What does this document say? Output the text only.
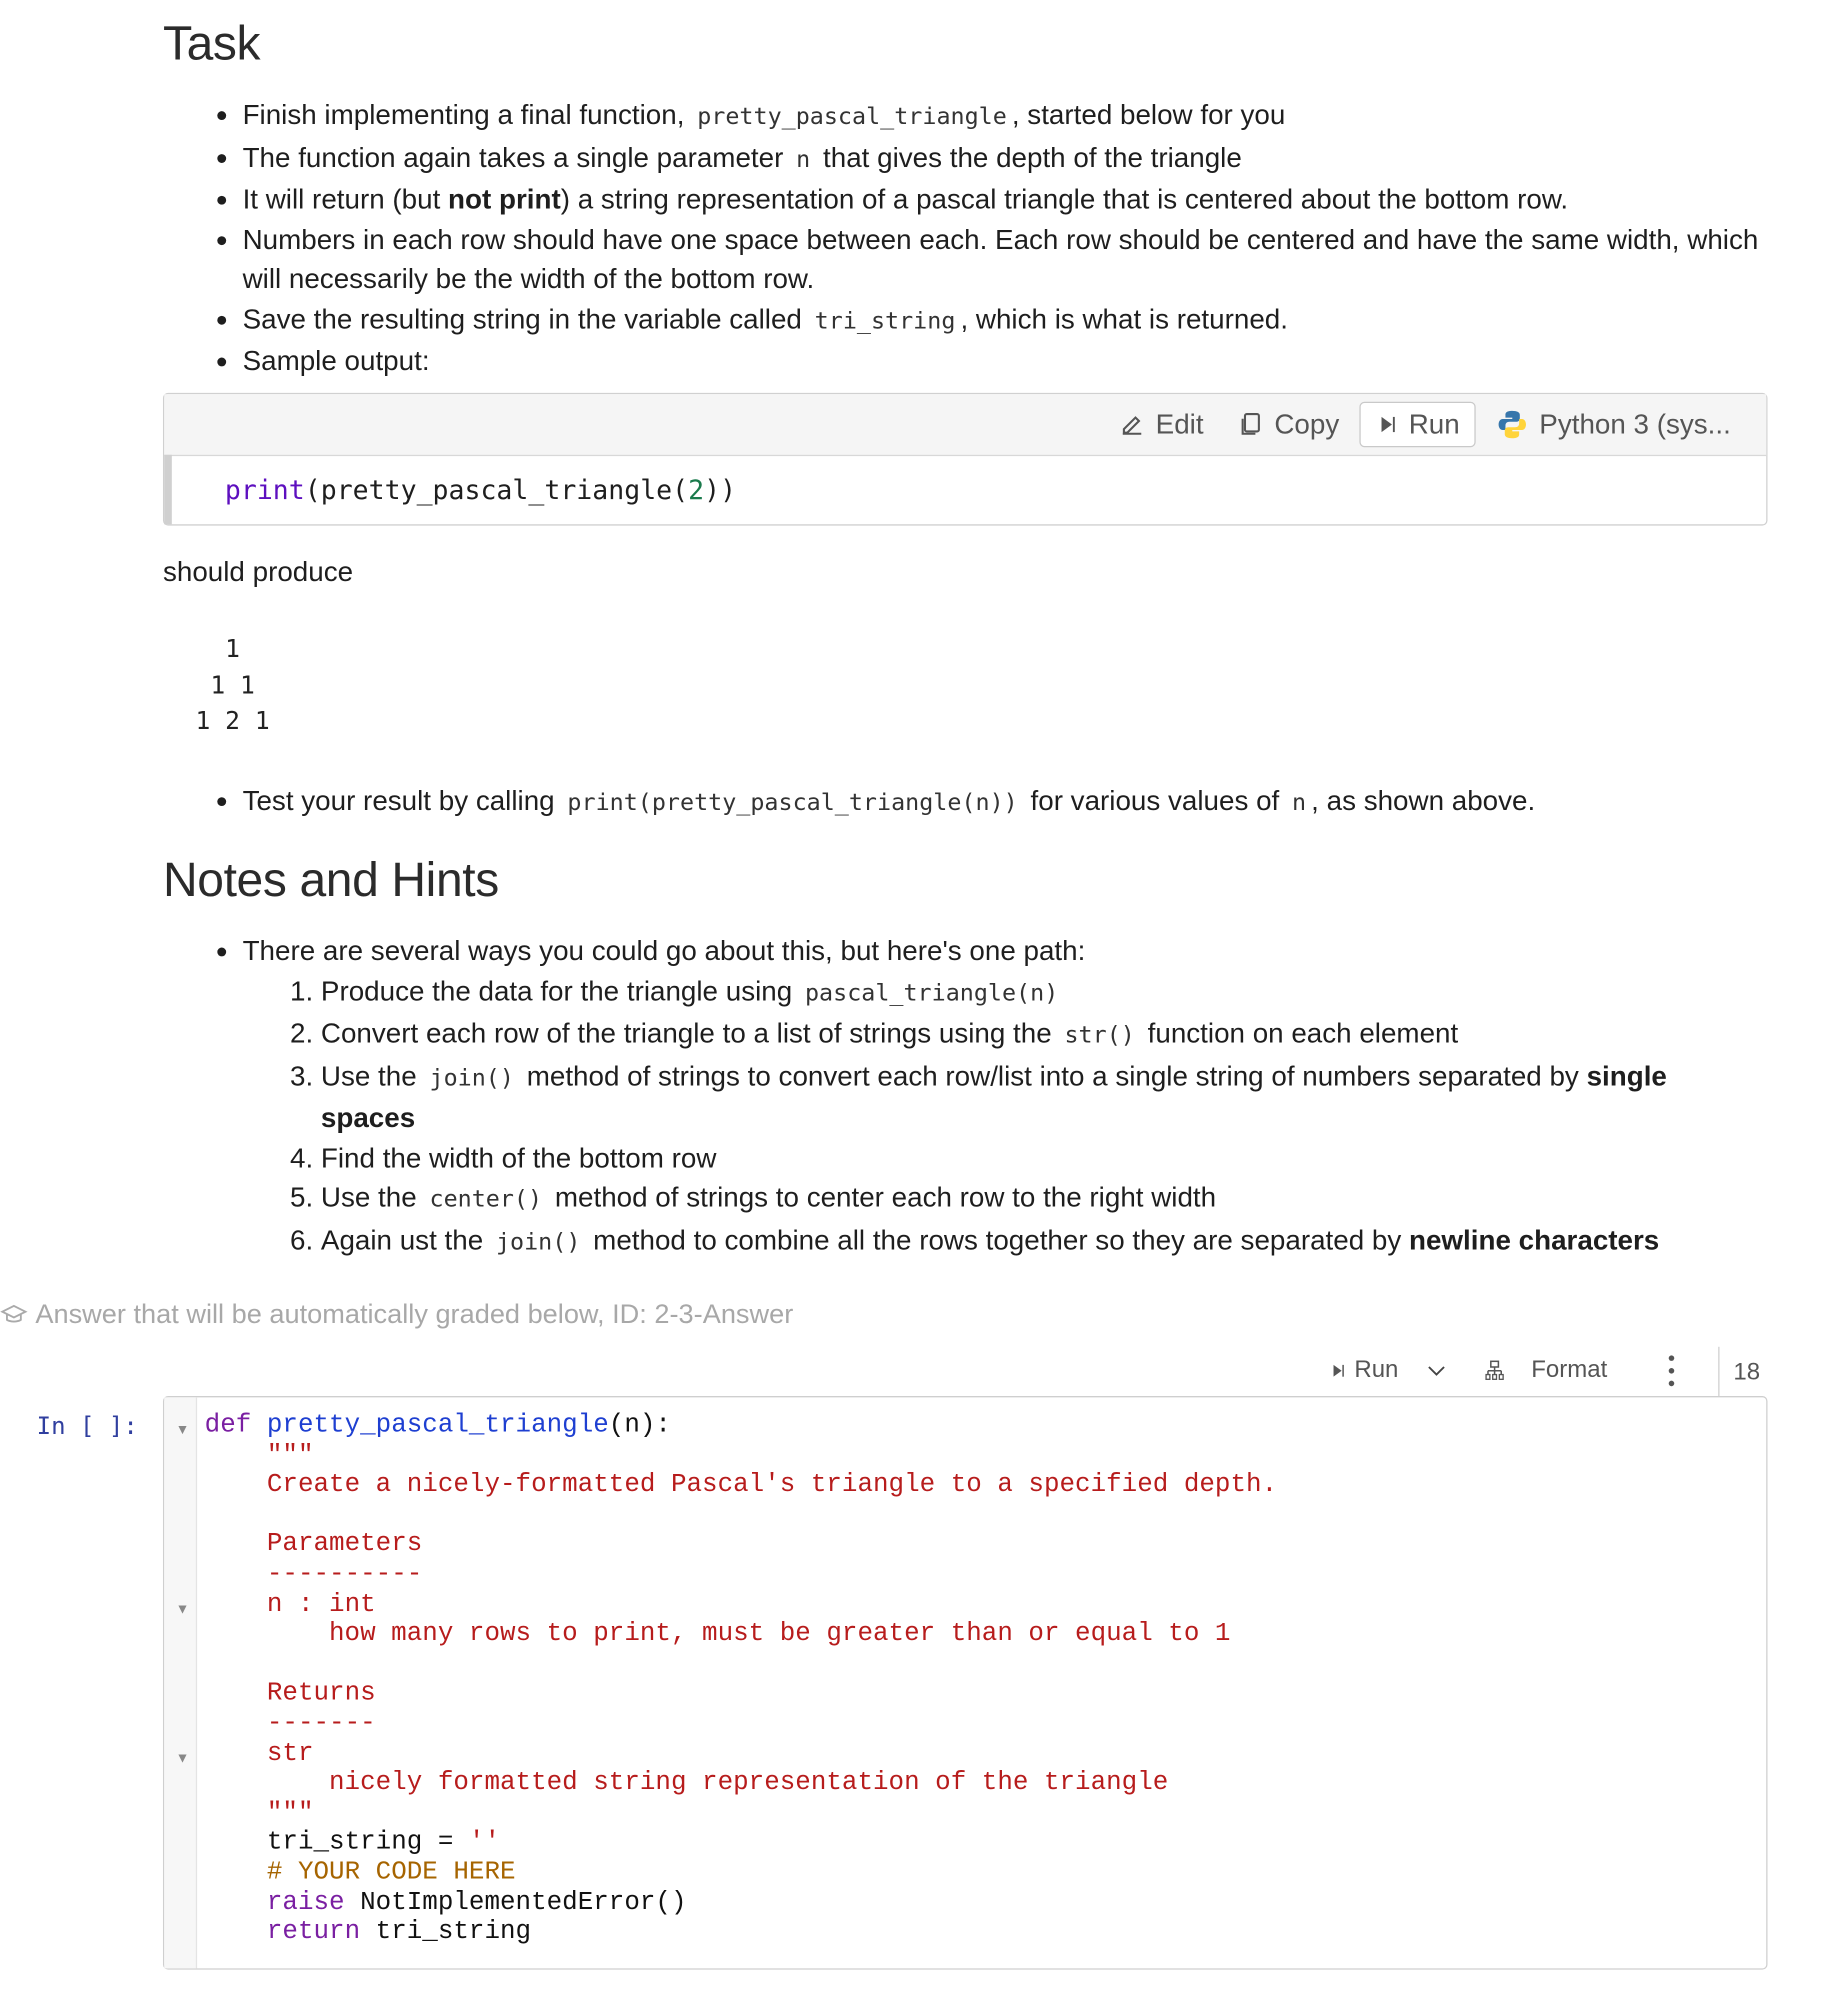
Task
• Finish implementing a final function, pretty_pascal_triangle , started below for you
• The function again takes a single parameter n that gives the depth of the triangle
• It will return (but not print) a string representation of a pascal triangle that is centered about the bottom row.
• Numbers in each row should have one space between each. Each row should be centered and have the same width, which will necessarily be the width of the bottom row.
• Save the resulting string in the variable called tri_string , which is what is returned.
• Sample output:
Edit	Copy	Run	Python 3 (sys...
print (pretty_pascal_triangle( 2 ))
should produce
1
1 1
1 2 1
• Test your result by calling print(pretty_pascal_triangle(n)) for various values of n , as shown above.
Notes and Hints
• There are several ways you could go about this, but here's one path:
1. Produce the data for the triangle using pascal_triangle(n)
2. Convert each row of the triangle to a list of strings using the str() function on each element
3. Use the join() method of strings to convert each row/list into a single string of numbers separated by single spaces
4. Find the width of the bottom row
5. Use the center() method of strings to center each row to the right width
6. Again ust the join() method to combine all the rows together so they are separated by newline characters
Answer that will be automatically graded below, ID: 2-3-Answer
Run	Format	18
In [ ]:	▼
▼
▼
def pretty_pascal_triangle(n):
"""
Create a nicely-formatted Pascal's triangle to a specified depth.

Parameters
----------
n : int
how many rows to print, must be greater than or equal to 1

Returns
-------
str
nicely formatted string representation of the triangle
"""
tri_string = ''
# YOUR CODE HERE
raise NotImplementedError()
return tri_string
